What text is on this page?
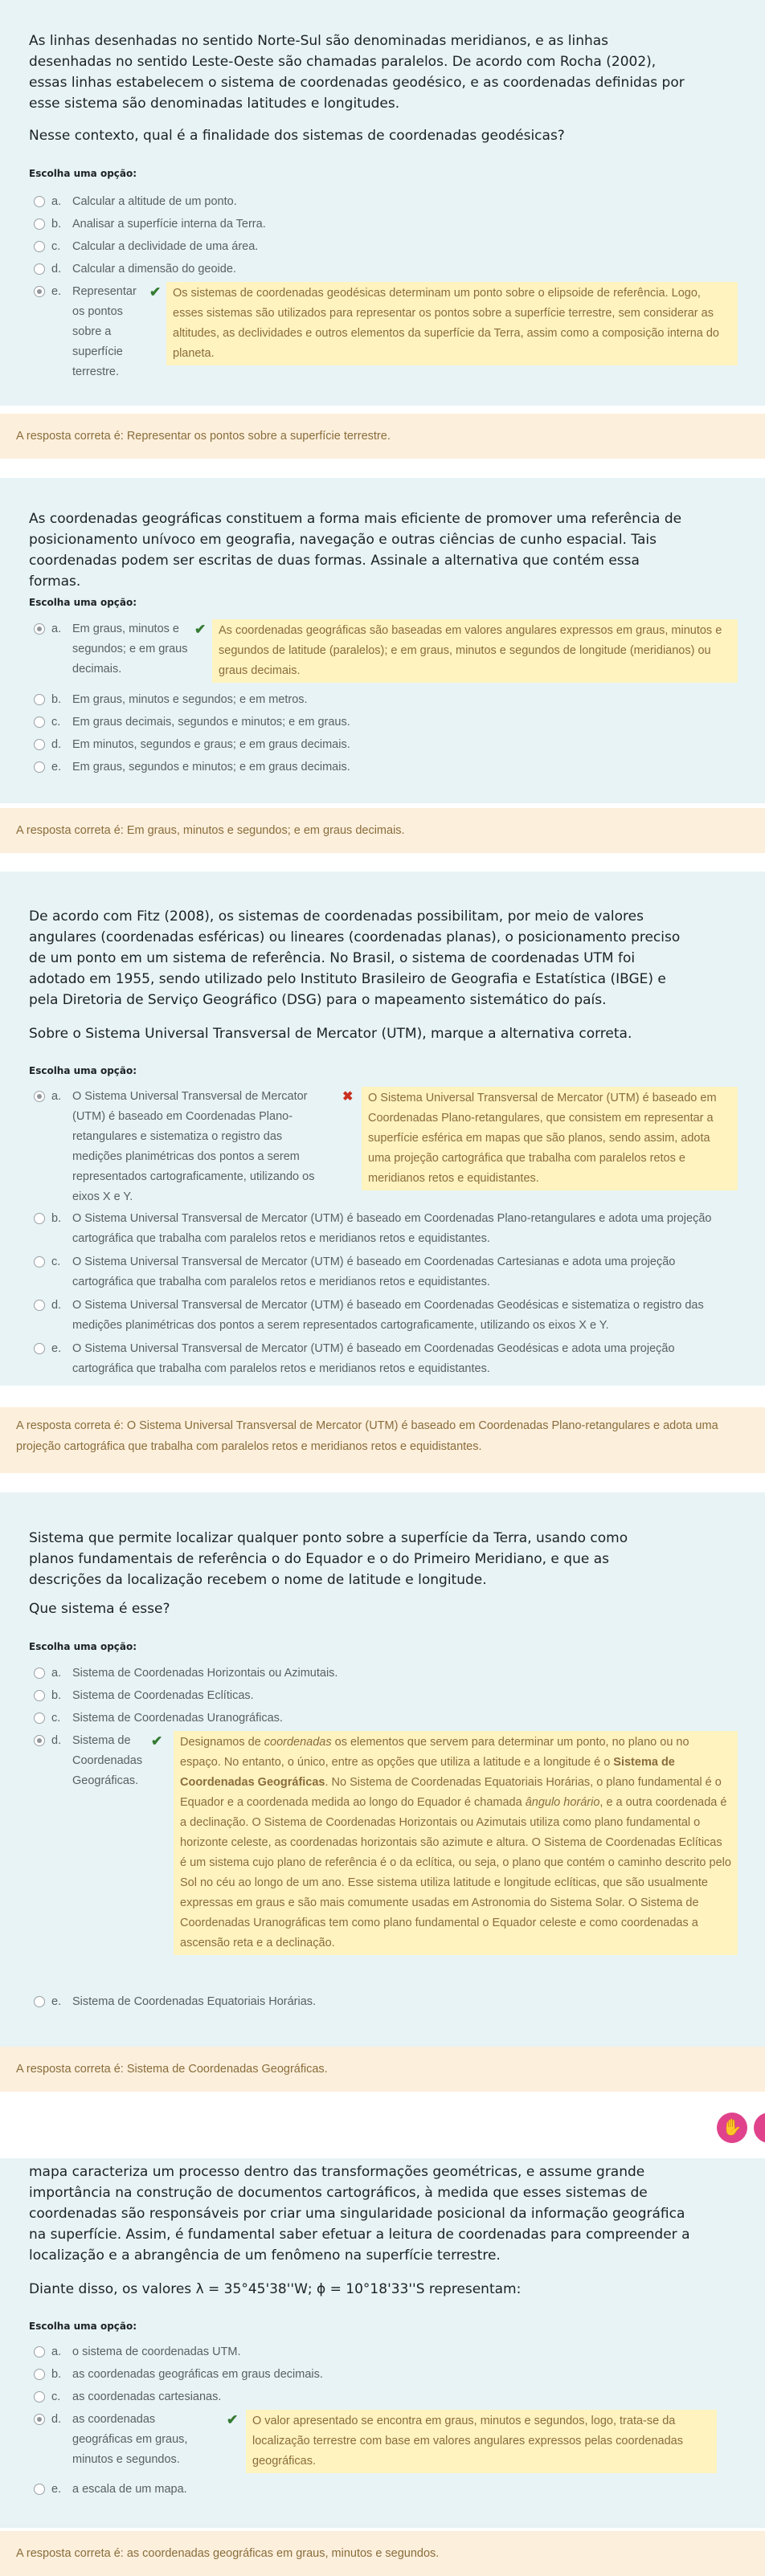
As linhas desenhadas no sentido Norte-Sul são denominadas meridianos, e as linhas desenhadas no sentido Leste-Oeste são chamadas paralelos. De acordo com Rocha (2002), essas linhas estabelecem o sistema de coordenadas geodésico, e as coordenadas definidas por esse sistema são denominadas latitudes e longitudes.
Nesse contexto, qual é a finalidade dos sistemas de coordenadas geodésicas?
Escolha uma opção:
a. Calcular a altitude de um ponto.
b. Analisar a superfície interna da Terra.
c. Calcular a declividade de uma área.
d. Calcular a dimensão do geoide.
e. Representar os pontos sobre a superfície terrestre.
✔	Os sistemas de coordenadas geodésicas determinam um ponto sobre o elipsoide de referência. Logo, esses sistemas são utilizados para representar os pontos sobre a superfície terrestre, sem considerar as altitudes, as declividades e outros elementos da superfície da Terra, assim como a composição interna do planeta.
A resposta correta é: Representar os pontos sobre a superfície terrestre.
As coordenadas geográficas constituem a forma mais eficiente de promover uma referência de posicionamento unívoco em geografia, navegação e outras ciências de cunho espacial. Tais coordenadas podem ser escritas de duas formas. Assinale a alternativa que contém essa formas.
Escolha uma opção:
a. Em graus, minutos e segundos; e em graus decimais.
✔	As coordenadas geográficas são baseadas em valores angulares expressos em graus, minutos e segundos de latitude (paralelos); e em graus, minutos e segundos de longitude (meridianos) ou graus decimais.
b. Em graus, minutos e segundos; e em metros.
c. Em graus decimais, segundos e minutos; e em graus.
d. Em minutos, segundos e graus; e em graus decimais.
e. Em graus, segundos e minutos; e em graus decimais.
A resposta correta é: Em graus, minutos e segundos; e em graus decimais.
De acordo com Fitz (2008), os sistemas de coordenadas possibilitam, por meio de valores angulares (coordenadas esféricas) ou lineares (coordenadas planas), o posicionamento preciso de um ponto em um sistema de referência. No Brasil, o sistema de coordenadas UTM foi adotado em 1955, sendo utilizado pelo Instituto Brasileiro de Geografia e Estatística (IBGE) e pela Diretoria de Serviço Geográfico (DSG) para o mapeamento sistemático do país.
Sobre o Sistema Universal Transversal de Mercator (UTM), marque a alternativa correta.
Escolha uma opção:
a. O Sistema Universal Transversal de Mercator (UTM) é baseado em Coordenadas Plano-retangulares e sistematiza o registro das medições planimétricas dos pontos a serem representados cartograficamente, utilizando os eixos X e Y.
✖	O Sistema Universal Transversal de Mercator (UTM) é baseado em Coordenadas Plano-retangulares, que consistem em representar a superfície esférica em mapas que são planos, sendo assim, adota uma projeção cartográfica que trabalha com paralelos retos e meridianos retos e equidistantes.
b. O Sistema Universal Transversal de Mercator (UTM) é baseado em Coordenadas Plano-retangulares e adota uma projeção cartográfica que trabalha com paralelos retos e meridianos retos e equidistantes.
c. O Sistema Universal Transversal de Mercator (UTM) é baseado em Coordenadas Cartesianas e adota uma projeção cartográfica que trabalha com paralelos retos e meridianos retos e equidistantes.
d. O Sistema Universal Transversal de Mercator (UTM) é baseado em Coordenadas Geodésicas e sistematiza o registro das medições planimétricas dos pontos a serem representados cartograficamente, utilizando os eixos X e Y.
e. O Sistema Universal Transversal de Mercator (UTM) é baseado em Coordenadas Geodésicas e adota uma projeção cartográfica que trabalha com paralelos retos e meridianos retos e equidistantes.
A resposta correta é: O Sistema Universal Transversal de Mercator (UTM) é baseado em Coordenadas Plano-retangulares e adota uma projeção cartográfica que trabalha com paralelos retos e meridianos retos e equidistantes.
Sistema que permite localizar qualquer ponto sobre a superfície da Terra, usando como planos fundamentais de referência o do Equador e o do Primeiro Meridiano, e que as descrições da localização recebem o nome de latitude e longitude.
Que sistema é esse?
Escolha uma opção:
a. Sistema de Coordenadas Horizontais ou Azimutais.
b. Sistema de Coordenadas Eclíticas.
c. Sistema de Coordenadas Uranográficas.
d. Sistema de Coordenadas Geográficas.
✔	Designamos de coordenadas os elementos que servem para determinar um ponto, no plano ou no espaço. No entanto, o único, entre as opções que utiliza a latitude e a longitude é o Sistema de Coordenadas Geográficas. No Sistema de Coordenadas Equatoriais Horárias, o plano fundamental é o Equador e a coordenada medida ao longo do Equador é chamada ângulo horário, e a outra coordenada é a declinação. O Sistema de Coordenadas Horizontais ou Azimutais utiliza como plano fundamental o horizonte celeste, as coordenadas horizontais são azimute e altura. O Sistema de Coordenadas Eclíticas é um sistema cujo plano de referência é o da eclítica, ou seja, o plano que contém o caminho descrito pelo Sol no céu ao longo de um ano. Esse sistema utiliza latitude e longitude eclíticas, que são usualmente expressas em graus e são mais comumente usadas em Astronomia do Sistema Solar. O Sistema de Coordenadas Uranográficas tem como plano fundamental o Equador celeste e como coordenadas a ascensão reta e a declinação.
e. Sistema de Coordenadas Equatoriais Horárias.
A resposta correta é: Sistema de Coordenadas Geográficas.
✋
mapa caracteriza um processo dentro das transformações geométricas, e assume grande importância na construção de documentos cartográficos, à medida que esses sistemas de coordenadas são responsáveis por criar uma singularidade posicional da informação geográfica na superfície. Assim, é fundamental saber efetuar a leitura de coordenadas para compreender a localização e a abrangência de um fenômeno na superfície terrestre.
Diante disso, os valores λ = 35°45'38''W; ϕ = 10°18'33''S representam:
Escolha uma opção:
a. o sistema de coordenadas UTM.
b. as coordenadas geográficas em graus decimais.
c. as coordenadas cartesianas.
d. as coordenadas geográficas em graus, minutos e segundos.
✔	O valor apresentado se encontra em graus, minutos e segundos, logo, trata-se da localização terrestre com base em valores angulares expressos pelas coordenadas geográficas.
e. a escala de um mapa.
A resposta correta é: as coordenadas geográficas em graus, minutos e segundos.
